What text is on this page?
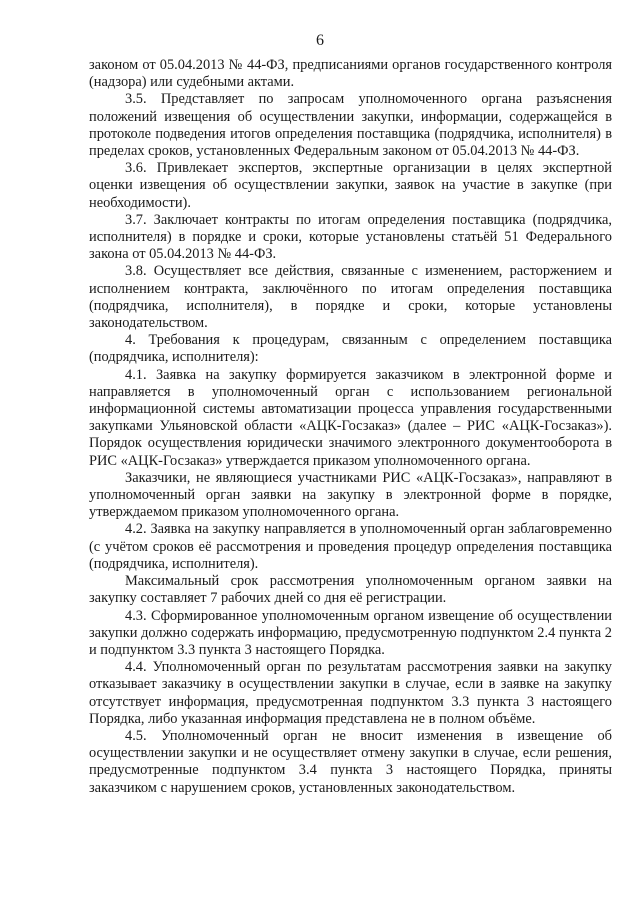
6

законом от 05.04.2013 № 44-ФЗ, предписаниями органов государственного контроля (надзора) или судебными актами.

3.5. Представляет по запросам уполномоченного органа разъяснения положений извещения об осуществлении закупки, информации, содержащейся в протоколе подведения итогов определения поставщика (подрядчика, исполнителя) в пределах сроков, установленных Федеральным законом от 05.04.2013 № 44-ФЗ.

3.6. Привлекает экспертов, экспертные организации в целях экспертной оценки извещения об осуществлении закупки, заявок на участие в закупке (при необходимости).

3.7. Заключает контракты по итогам определения поставщика (подрядчика, исполнителя) в порядке и сроки, которые установлены статьёй 51 Федерального закона от 05.04.2013 № 44-ФЗ.

3.8. Осуществляет все действия, связанные с изменением, расторжением и исполнением контракта, заключённого по итогам определения поставщика (подрядчика, исполнителя), в порядке и сроки, которые установлены законодательством.

4. Требования к процедурам, связанным с определением поставщика (подрядчика, исполнителя):

4.1. Заявка на закупку формируется заказчиком в электронной форме и направляется в уполномоченный орган с использованием региональной информационной системы автоматизации процесса управления государственными закупками Ульяновской области «АЦК-Госзаказ» (далее – РИС «АЦК-Госзаказ»). Порядок осуществления юридически значимого электронного документооборота в РИС «АЦК-Госзаказ» утверждается приказом уполномоченного органа.

Заказчики, не являющиеся участниками РИС «АЦК-Госзаказ», направляют в уполномоченный орган заявки на закупку в электронной форме в порядке, утверждаемом приказом уполномоченного органа.

4.2. Заявка на закупку направляется в уполномоченный орган заблаговременно (с учётом сроков её рассмотрения и проведения процедур определения поставщика (подрядчика, исполнителя).

Максимальный срок рассмотрения уполномоченным органом заявки на закупку составляет 7 рабочих дней со дня её регистрации.

4.3. Сформированное уполномоченным органом извещение об осуществлении закупки должно содержать информацию, предусмотренную подпунктом 2.4 пункта 2 и подпунктом 3.3 пункта 3 настоящего Порядка.

4.4. Уполномоченный орган по результатам рассмотрения заявки на закупку отказывает заказчику в осуществлении закупки в случае, если в заявке на закупку отсутствует информация, предусмотренная подпунктом 3.3 пункта 3 настоящего Порядка, либо указанная информация представлена не в полном объёме.

4.5. Уполномоченный орган не вносит изменения в извещение об осуществлении закупки и не осуществляет отмену закупки в случае, если решения, предусмотренные подпунктом 3.4 пункта 3 настоящего Порядка, приняты заказчиком с нарушением сроков, установленных законодательством.
